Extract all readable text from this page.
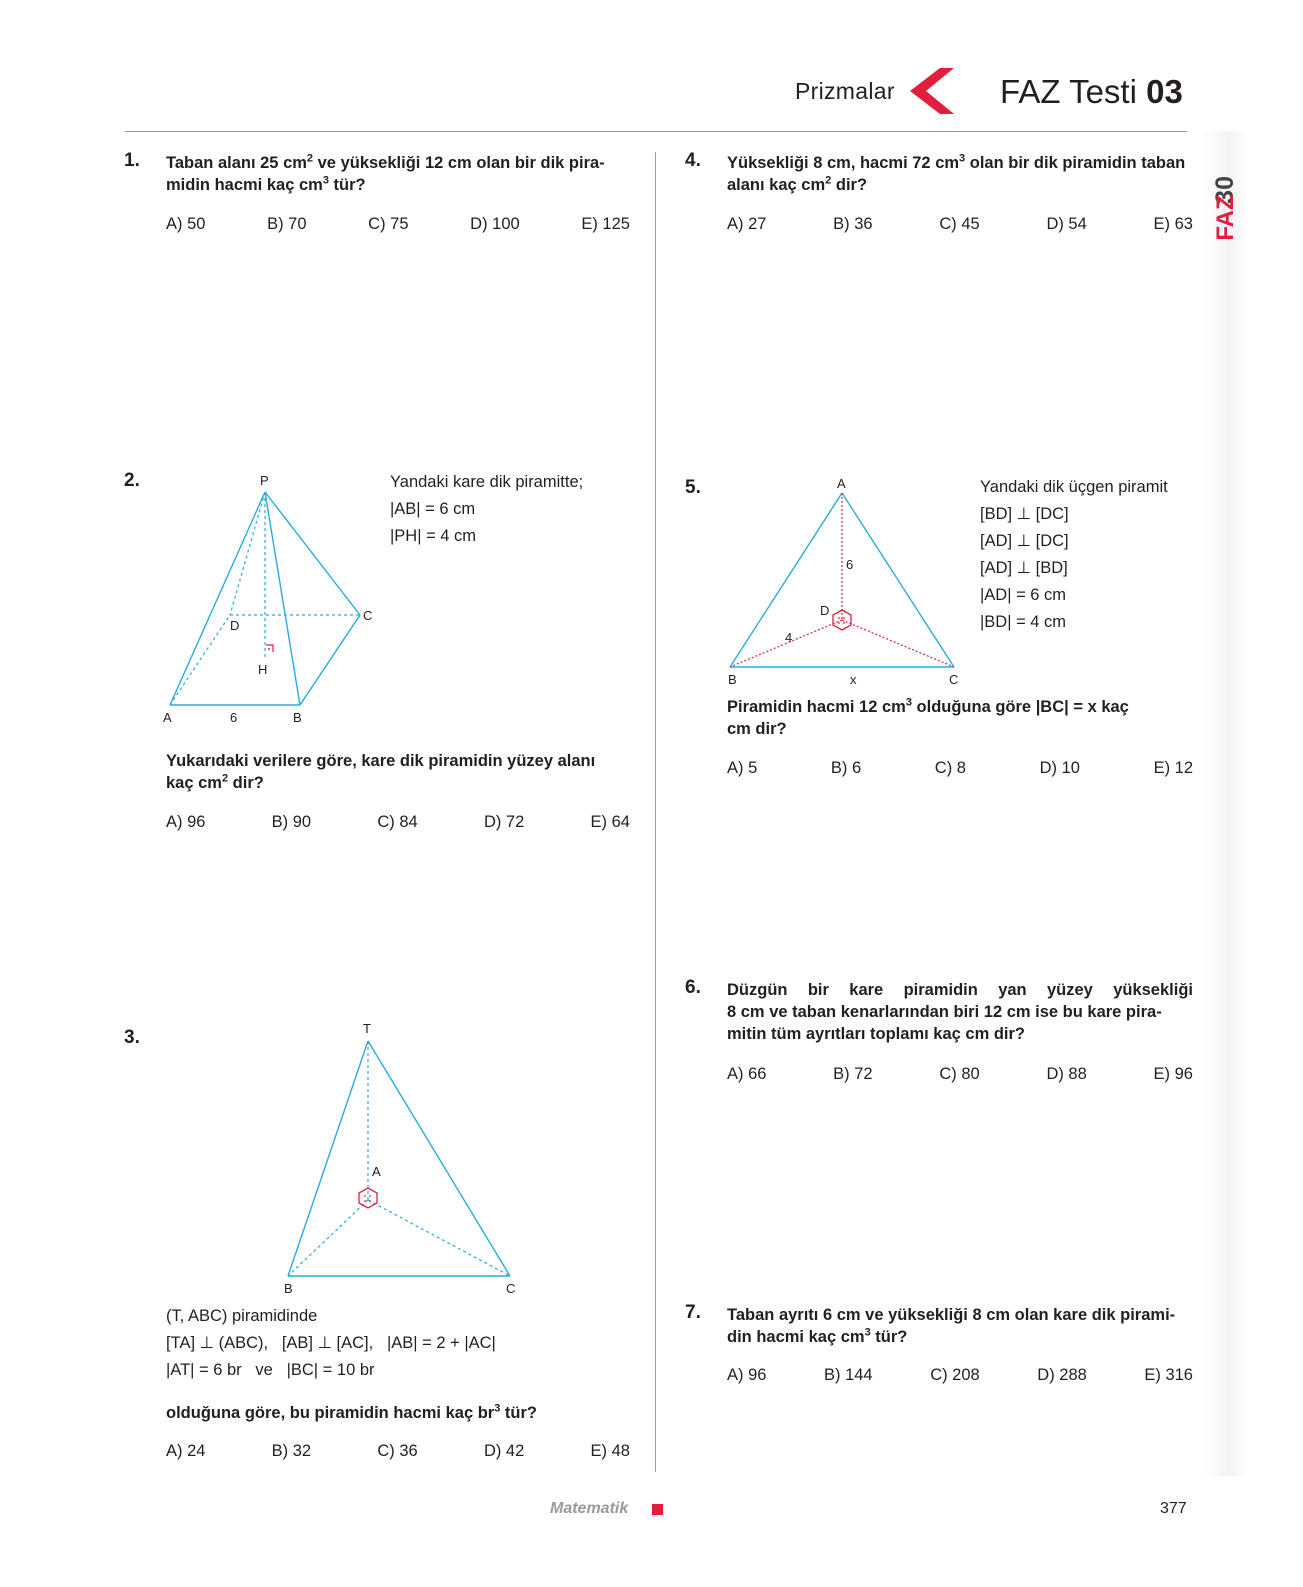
Prizmalar	FAZ Testi 03
30
FAZ
1. Taban alanı 25 $cm^2$ ve yüksekliği 12 cm olan bir dik pira-
midin hacmi kaç $cm^3$ tür?
A) 50	B) 70	C) 75	D) 100	E) 125
2.	P
A	B
C
D
H
6
Yandaki kare dik piramitte;
|AB| = 6 cm
|PH| = 4 cm
Yukarıdaki verilere göre, kare dik piramidin yüzey alanı
kaç $cm^2$ dir?
A) 96	B) 90	C) 84	D) 72	E) 64
3.	T
A
B	C
(T, ABC) piramidinde
[TA] ⊥ (ABC),   [AB] ⊥ [AC],   |AB| = 2 + |AC|
|AT| = 6 br   ve   |BC| = 10 br
olduğuna göre, bu piramidin hacmi kaç $br^3$ tür?
A) 24	B) 32	C) 36	D) 42	E) 48
4. Yüksekliği 8 cm, hacmi 72 $cm^3$ olan bir dik piramidin taban
alanı kaç $cm^2$ dir?
A) 27	B) 36	C) 45	D) 54	E) 63
5.	A
B	C
D
6
4
x
Yandaki dik üçgen piramit
[BD] ⊥ [DC]
[AD] ⊥ [DC]
[AD] ⊥ [BD]
|AD| = 6 cm
|BD| = 4 cm
Piramidin hacmi 12 $cm^3$ olduğuna göre |BC| = x kaç
cm dir?
A) 5	B) 6	C) 8	D) 10	E) 12
6. Düzgün bir kare piramidin yan yüzey yüksekliği
8 cm ve taban kenarlarından biri 12 cm ise bu kare pira-
mitin tüm ayrıtları toplamı kaç cm dir?
A) 66	B) 72	C) 80	D) 88	E) 96
7. Taban ayrıtı 6 cm ve yüksekliği 8 cm olan kare dik pirami-
din hacmi kaç $cm^3$ tür?
A) 96	B) 144	C) 208	D) 288	E) 316
Matematik	377
